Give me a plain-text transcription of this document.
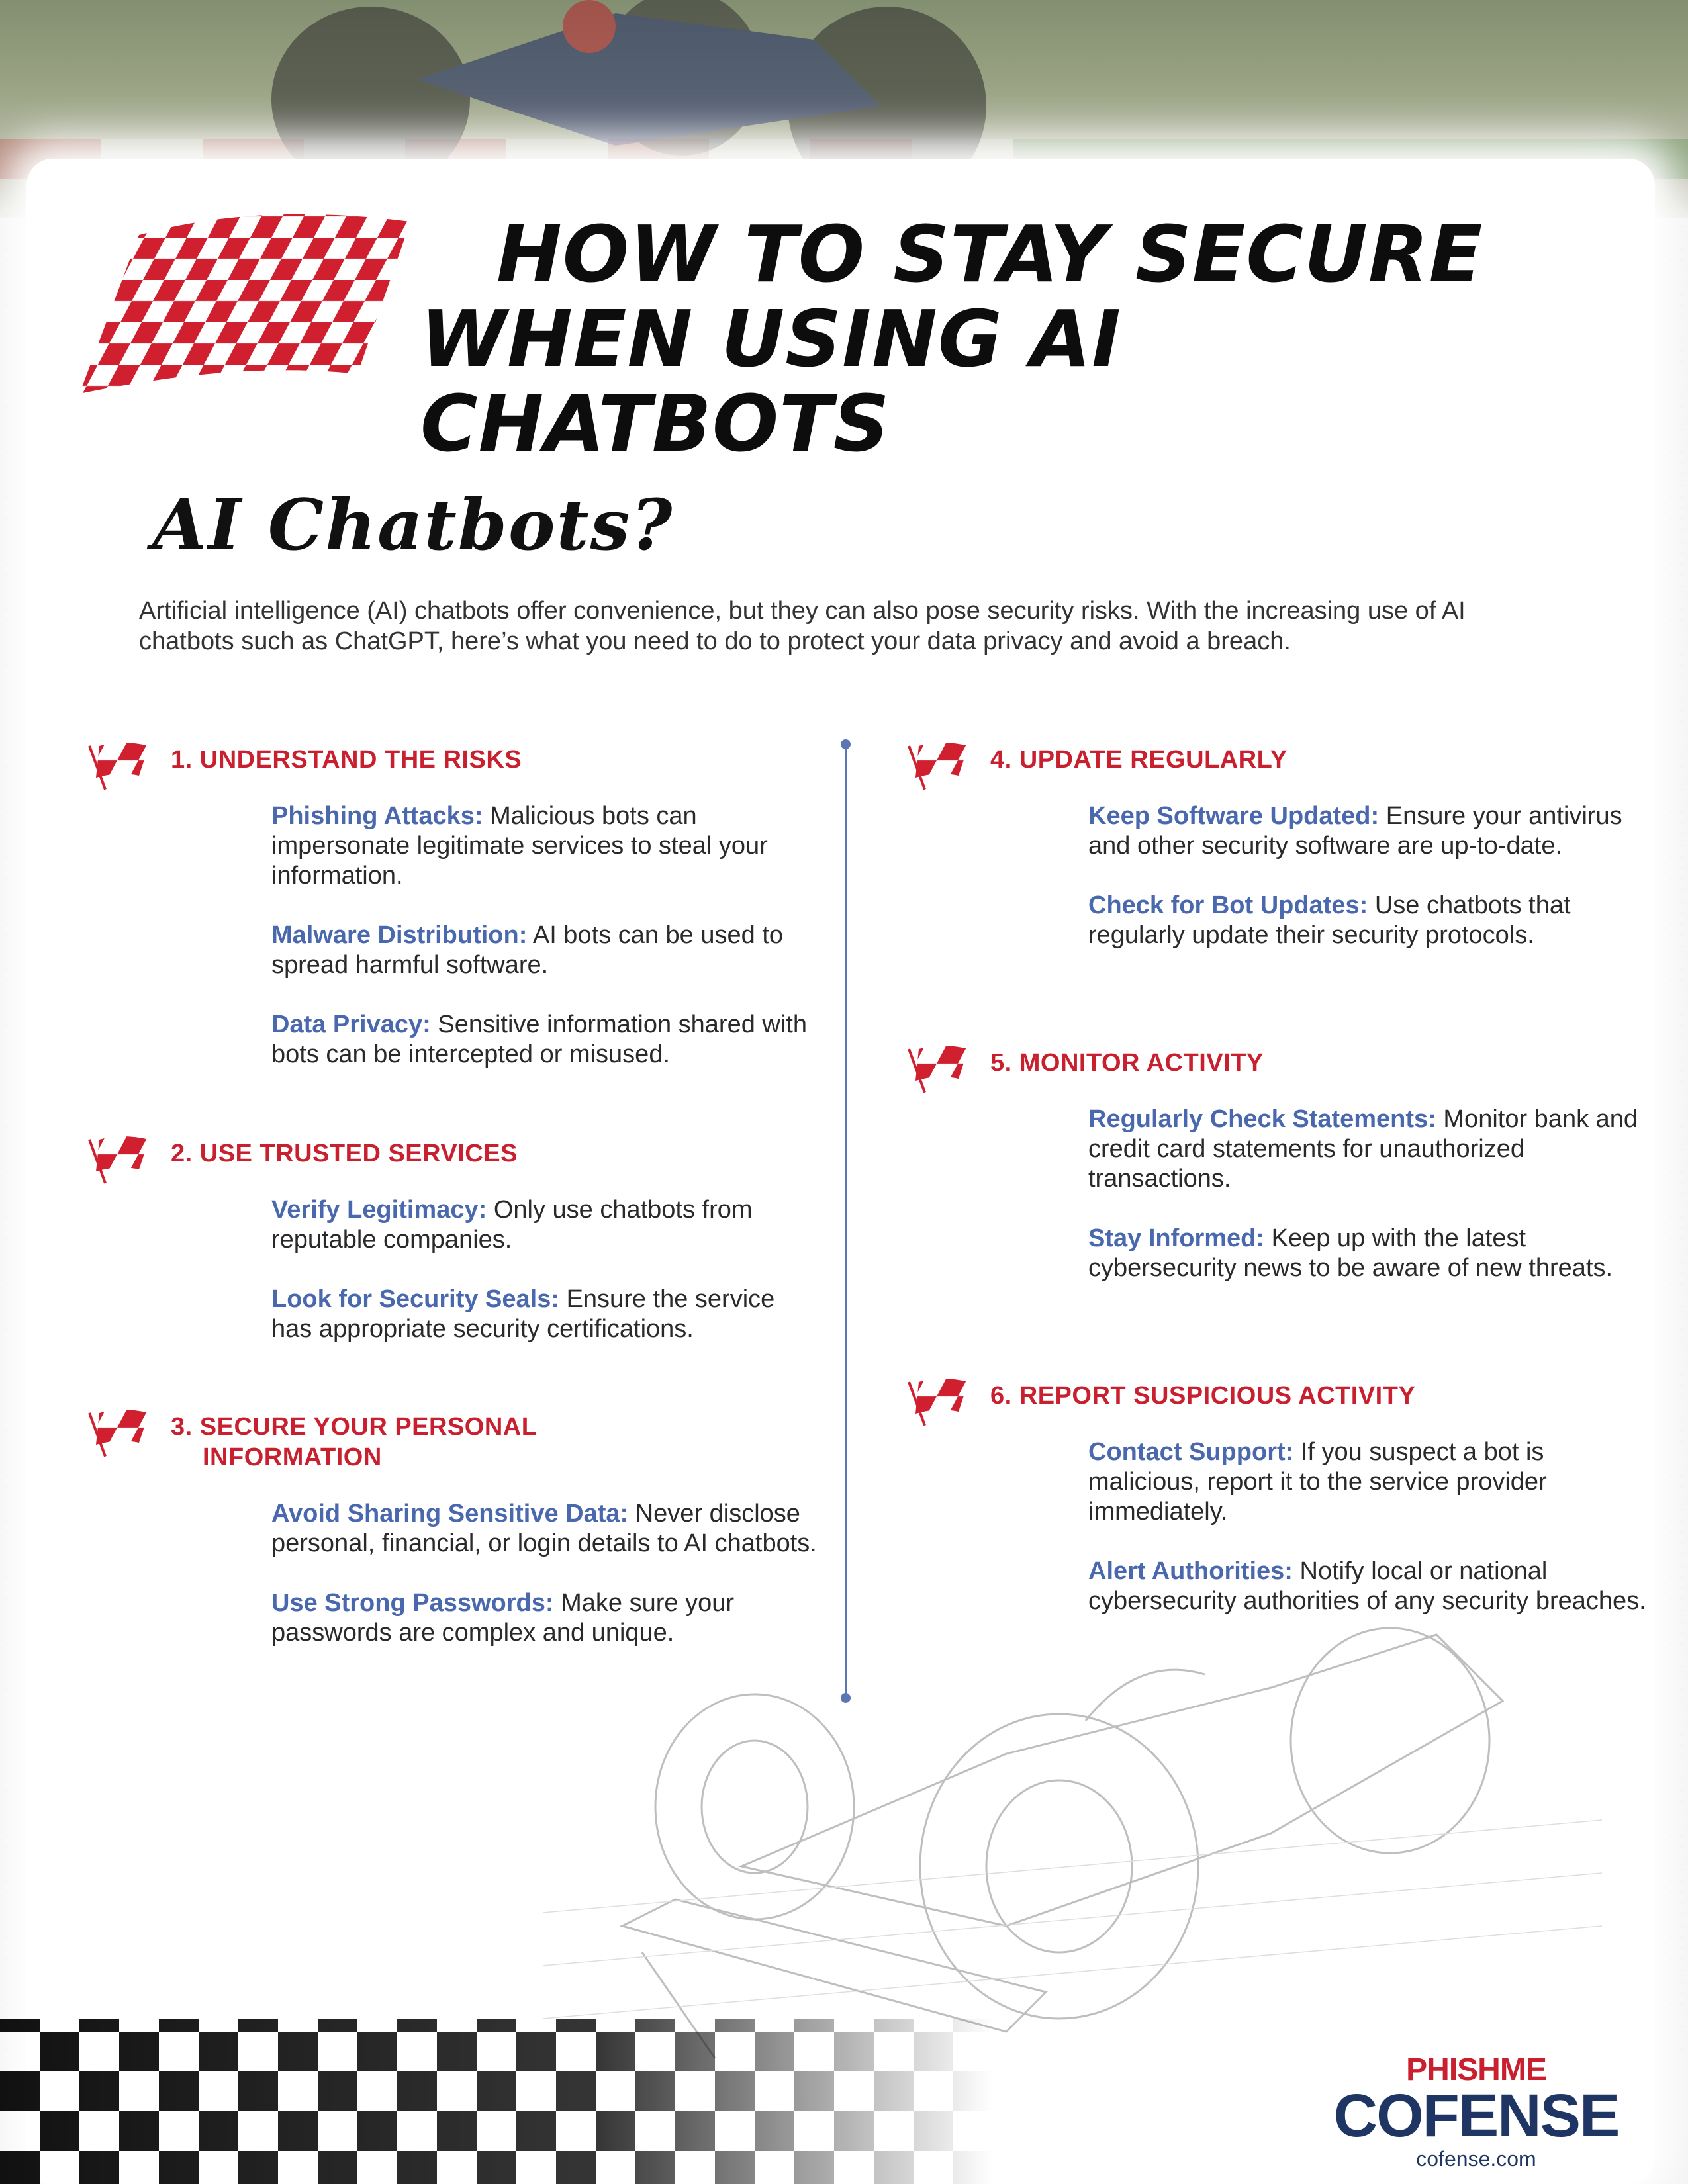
HOW TO STAY SECURE
WHEN USING AI CHATBOTS
AI Chatbots?

Artificial intelligence (AI) chatbots offer convenience, but they can also pose security risks. With the increasing use of AI chatbots such as ChatGPT, here’s what you need to do to protect your data privacy and avoid a breach.

1. UNDERSTAND THE RISKS
Phishing Attacks: Malicious bots can impersonate legitimate services to steal your information.
Malware Distribution: AI bots can be used to spread harmful software.
Data Privacy: Sensitive information shared with bots can be intercepted or misused.
2. USE TRUSTED SERVICES
Verify Legitimacy: Only use chatbots from reputable companies.
Look for Security Seals: Ensure the service has appropriate security certifications.
3. SECURE YOUR PERSONAL
INFORMATION
Avoid Sharing Sensitive Data: Never disclose personal, financial, or login details to AI chatbots.
Use Strong Passwords: Make sure your passwords are complex and unique.
4. UPDATE REGULARLY
Keep Software Updated: Ensure your antivirus and other security software are up-to-date.
Check for Bot Updates: Use chatbots that regularly update their security protocols.
5. MONITOR ACTIVITY
Regularly Check Statements: Monitor bank and credit card statements for unauthorized transactions.
Stay Informed: Keep up with the latest cybersecurity news to be aware of new threats.
6. REPORT SUSPICIOUS ACTIVITY
Contact Support: If you suspect a bot is malicious, report it to the service provider immediately.
Alert Authorities: Notify local or national cybersecurity authorities of any security breaches.

PHISHME

COFENSE

cofense.com
